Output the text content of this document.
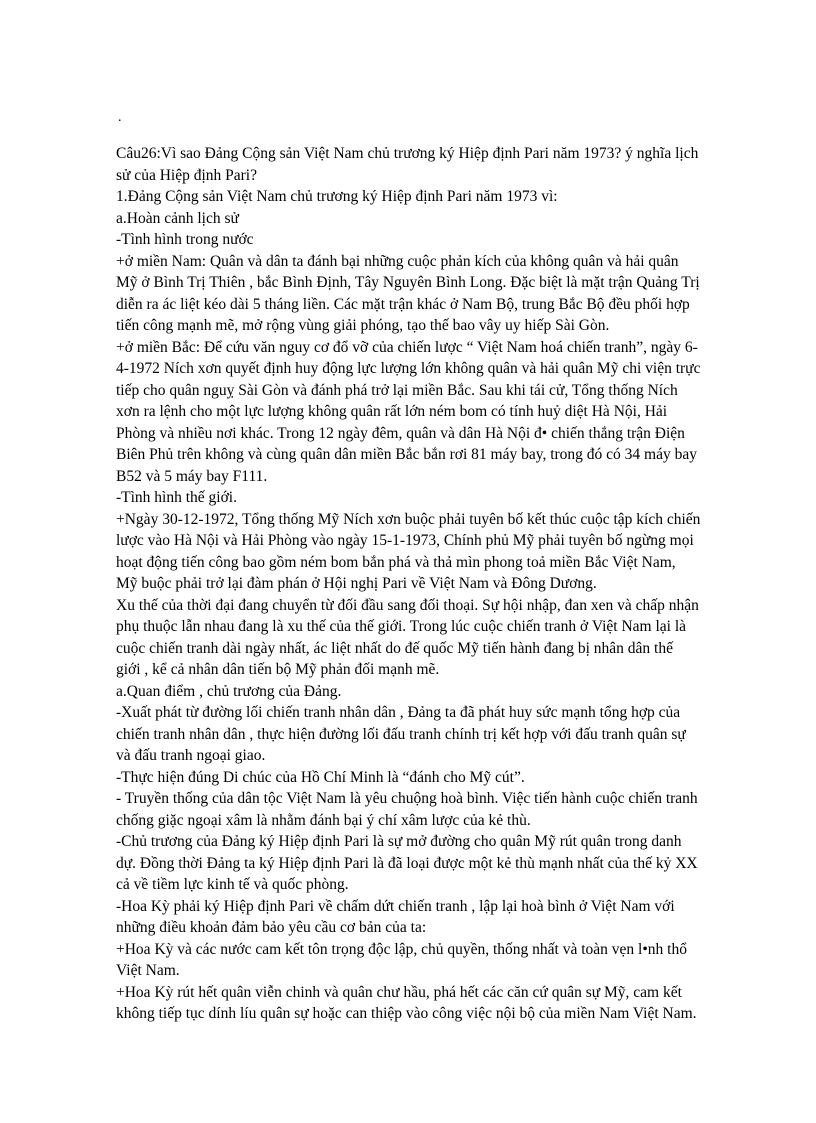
.

Câu26:Vì sao Đảng Cộng sản Việt Nam chủ trương ký Hiệp định Pari năm 1973? ý nghĩa lịch sử của Hiệp định Pari?

1.Đảng Cộng sản Việt Nam chủ trương ký Hiệp định Pari năm 1973 vì:

a.Hoàn cảnh lịch sử

-Tình hình trong nước

+ở miền Nam: Quân và dân ta đánh bại những cuộc phản kích của không quân và hải quân Mỹ ở Bình Trị Thiên , bắc Bình Định, Tây Nguyên Bình Long. Đặc biệt là mặt trận Quảng Trị diễn ra ác liệt kéo dài 5 tháng liền. Các mặt trận khác ở Nam Bộ, trung Bắc Bộ đều phối hợp tiến công mạnh mẽ, mở rộng vùng giải phóng, tạo thế bao vây uy hiếp Sài Gòn.

+ở miền Bắc: Để cứu văn nguy cơ đổ vỡ của chiến lược “ Việt Nam hoá chiến tranh”, ngày 6-4-1972 Ních xơn quyết định huy động lực lượng lớn không quân và hải quân Mỹ chi viện trực tiếp cho quân nguỵ Sài Gòn và đánh phá trở lại miền Bắc. Sau khi tái cử, Tổng thống Ních xơn ra lệnh cho một lực lượng không quân rất lớn ném bom có tính huỷ diệt Hà Nội, Hải Phòng và nhiều nơi khác. Trong 12 ngày đêm, quân và dân Hà Nội đ• chiến thắng trận Điện Biên Phủ trên không và cùng quân dân miền Bắc bắn rơi 81 máy bay, trong đó có 34 máy bay B52 và 5 máy bay F111.

-Tình hình thế giới.

+Ngày 30-12-1972, Tổng thống Mỹ Ních xơn buộc phải tuyên bố kết thúc cuộc tập kích chiến lược vào Hà Nội và Hải Phòng vào ngày 15-1-1973, Chính phủ Mỹ phải tuyên bố ngừng mọi hoạt động tiến công bao gồm ném bom bắn phá và thả mìn phong toả miền Bắc Việt Nam, Mỹ buộc phải trở lại đàm phán ở Hội nghị Pari về Việt Nam và Đông Dương.

Xu thế của thời đại đang chuyển từ đối đầu sang đối thoại. Sự hội nhập, đan xen và chấp nhận phụ thuộc lẫn nhau đang là xu thế của thế giới. Trong lúc cuộc chiến tranh ở Việt Nam lại là cuộc chiến tranh dài ngày nhất, ác liệt nhất do đế quốc Mỹ tiến hành đang bị nhân dân thế giới , kể cả nhân dân tiến bộ Mỹ phản đối mạnh mẽ.

a.Quan điểm , chủ trương của Đảng.

-Xuất phát từ đường lối chiến tranh nhân dân , Đảng ta đã phát huy sức mạnh tổng hợp của chiến tranh nhân dân , thực hiện đường lối đấu tranh chính trị kết hợp với đấu tranh quân sự và đấu tranh ngoại giao.

-Thực hiện đúng Di chúc của Hồ Chí Minh là “đánh cho Mỹ cút”.

- Truyền thống của dân tộc Việt Nam là yêu chuộng hoà bình. Việc tiến hành cuộc chiến tranh chống giặc ngoại xâm là nhằm đánh bại ý chí xâm lược của kẻ thù.

-Chủ trương của Đảng ký Hiệp định Pari là sự mở đường cho quân Mỹ rút quân trong danh dự. Đồng thời Đảng ta ký Hiệp định Pari là đã loại được một kẻ thù mạnh nhất của thế kỷ XX cả về tiềm lực kinh tế và quốc phòng.

-Hoa Kỳ phải ký Hiệp định Pari về chấm dứt chiến tranh , lập lại hoà bình ở Việt Nam với những điều khoản đảm bảo yêu cầu cơ bản của ta:

+Hoa Kỳ và các nước cam kết tôn trọng độc lập, chủ quyền, thống nhất và toàn vẹn l•nh thổ Việt Nam.

+Hoa Kỳ rút hết quân viễn chinh và quân chư hầu, phá hết các căn cứ quân sự Mỹ, cam kết không tiếp tục dính líu quân sự hoặc can thiệp vào công việc nội bộ của miền Nam Việt Nam.
